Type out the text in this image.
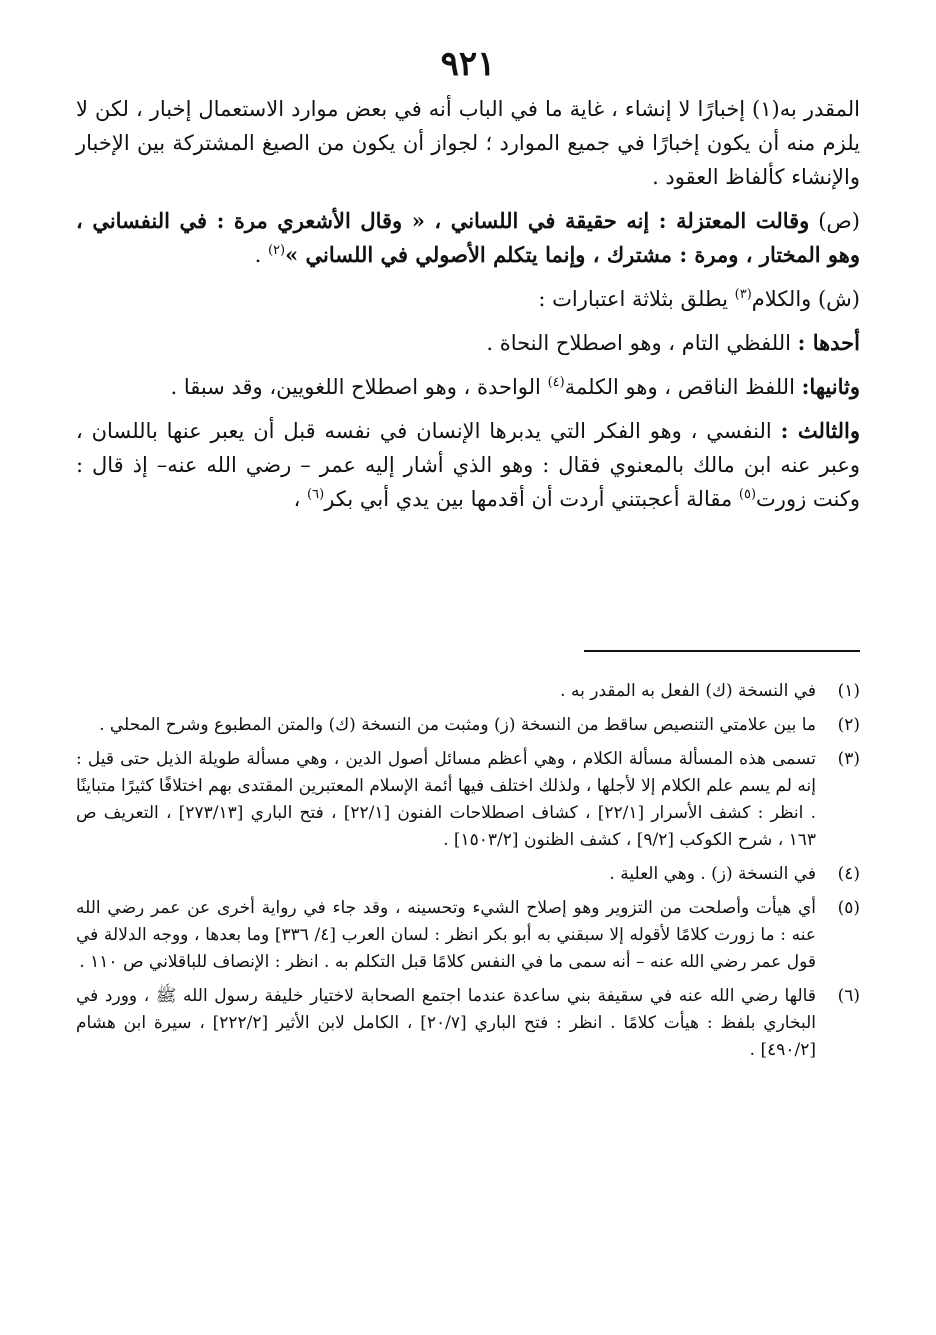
٩٢١

المقدر به(١) إخبارًا لا إنشاء ، غاية ما في الباب أنه في بعض موارد الاستعمال إخبار ، لكن لا يلزم منه أن يكون إخبارًا في جميع الموارد ؛ لجواز أن يكون من الصيغ المشتركة بين الإخبار والإنشاء كألفاظ العقود .

(ص) وقالت المعتزلة : إنه حقيقة في اللساني ، « وقال الأشعري مرة : في النفساني ، وهو المختار ، ومرة : مشترك ، وإنما يتكلم الأصولي في اللساني »$^{(٢)}$ .

(ش) والكلام$^{(٣)}$ يطلق بثلاثة اعتبارات :

أحدها : اللفظي التام ، وهو اصطلاح النحاة .

وثانيها: اللفظ الناقص ، وهو الكلمة$^{(٤)}$ الواحدة ، وهو اصطلاح اللغويين، وقد سبقا .

والثالث : النفسي ، وهو الفكر التي يدبرها الإنسان في نفسه قبل أن يعبر عنها باللسان ، وعبر عنه ابن مالك بالمعنوي فقال : وهو الذي أشار إليه عمر – رضي الله عنه– إذ قال : وكنت زورت$^{(٥)}$ مقالة أعجبتني أردت أن أقدمها بين يدي أبي بكر$^{(٦)}$ ،

(١)
في النسخة (ك) الفعل به المقدر به .
(٢)
ما بين علامتي التنصيص ساقط من النسخة (ز) ومثبت من النسخة (ك) والمتن المطبوع وشرح المحلي .
(٣)
تسمى هذه المسألة مسألة الكلام ، وهي أعظم مسائل أصول الدين ، وهي مسألة طويلة الذيل حتى قيل : إنه لم يسم علم الكلام إلا لأجلها ، ولذلك اختلف فيها أئمة الإسلام المعتبرين المقتدى بهم اختلافًا كثيرًا متباينًا . انظر : كشف الأسرار [٢٢/١] ، كشاف اصطلاحات الفنون [٢٢/١] ، فتح الباري [٢٧٣/١٣] ، التعريف ص ١٦٣ ، شرح الكوكب [٩/٢] ، كشف الظنون [١٥٠٣/٢] .
(٤)
في النسخة (ز) . وهي العلية .
(٥)
أي هيأت وأصلحت من التزوير وهو إصلاح الشيء وتحسينه ، وقد جاء في رواية أخرى عن عمر رضي الله عنه : ما زورت كلامًا لأقوله إلا سبقني به أبو بكر انظر : لسان العرب [٤/ ٣٣٦] وما بعدها ، ووجه الدلالة في قول عمر رضي الله عنه – أنه سمى ما في النفس كلامًا قبل التكلم به . انظر : الإنصاف للباقلاني ص ١١٠ .
(٦)
قالها رضي الله عنه في سقيفة بني ساعدة عندما اجتمع الصحابة لاختيار خليفة رسول الله ﷺ ، وورد في البخاري بلفظ : هيأت كلامًا . انظر : فتح الباري [٢٠/٧] ، الكامل لابن الأثير [٢٢٢/٢] ، سيرة ابن هشام [٤٩٠/٢] .
